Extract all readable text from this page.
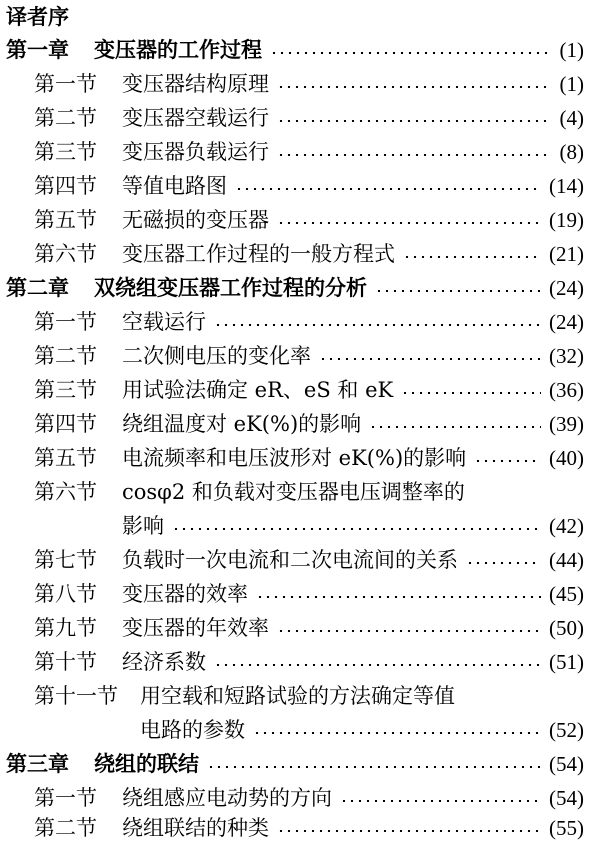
译者序
第一章	变压器的工作过程	(1)
第一节	变压器结构原理	(1)
第二节	变压器空载运行	(4)
第三节	变压器负载运行	(8)
第四节	等值电路图	(14)
第五节	无磁损的变压器	(19)
第六节	变压器工作过程的一般方程式	(21)
第二章	双绕组变压器工作过程的分析	(24)
第一节	空载运行	(24)
第二节	二次侧电压的变化率	(32)
第三节	用试验法确定 eR、eS 和 eK	(36)
第四节	绕组温度对 eK(%)的影响	(39)
第五节	电流频率和电压波形对 eK(%)的影响	(40)
第六节	cosφ2 和负载对变压器电压调整率的
影响	(42)
第七节	负载时一次电流和二次电流间的关系	(44)
第八节	变压器的效率	(45)
第九节	变压器的年效率	(50)
第十节	经济系数	(51)
第十一节	用空载和短路试验的方法确定等值
电路的参数	(52)
第三章	绕组的联结	(54)
第一节	绕组感应电动势的方向	(54)
第二节	绕组联结的种类	(55)
